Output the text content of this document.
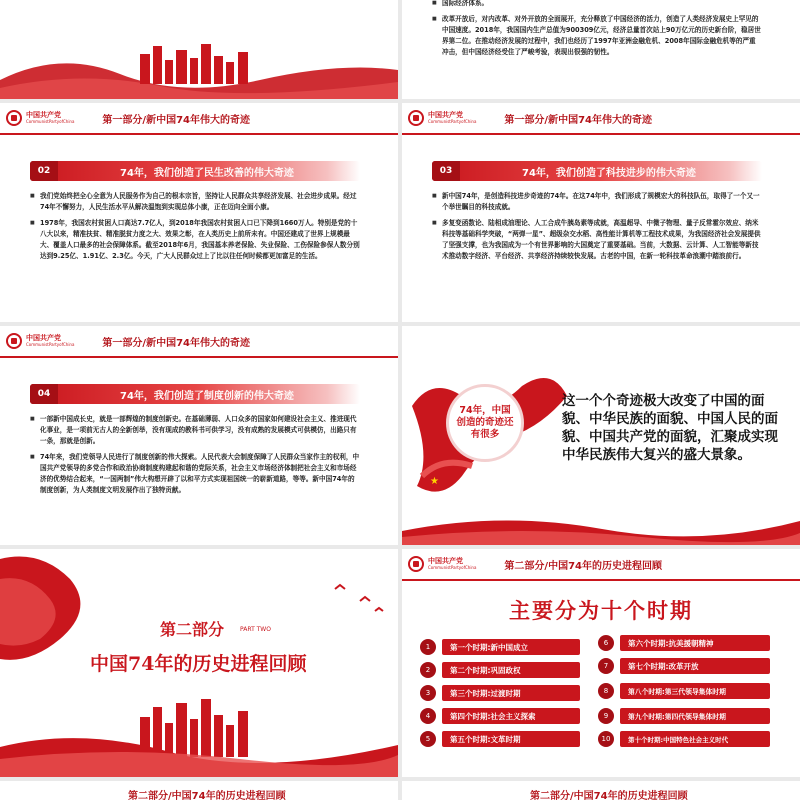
■ 国际经济体系。

■ 改革开放后，对内改革、对外开放的全面展开，充分释放了中国经济的活力，创造了人类经济发展史上罕见的中国速度。2018年，我国国内生产总值为900309亿元，经济总量首次站上90万亿元的历史新台阶，稳居世界第二位。在推动经济发展的过程中，我们也经历了1997年亚洲金融危机、2008年国际金融危机等的严重冲击，但中国经济经受住了严峻考验，表现出很强的韧性。

中国共产党
CommunistPartyofChina	第一部分/新中国74年伟大的奇迹
02	74年，我们创造了民生改善的伟大奇迹

■ 我们党始终把全心全意为人民服务作为自己的根本宗旨，坚持让人民群众共享经济发展、社会进步成果。经过74年不懈努力，人民生活水平从解决温饱到实现总体小康，正在迈向全面小康。

■ 1978年，我国农村贫困人口高达7.7亿人，到2018年我国农村贫困人口已下降到1660万人。特别是党的十八大以来，精准扶贫、精准脱贫力度之大、效果之彰，在人类历史上前所未有。中国还建成了世界上规模最大、覆盖人口最多的社会保障体系。截至2018年6月，我国基本养老保险、失业保险、工伤保险参保人数分别达到9.25亿、1.91亿、2.3亿。今天，广大人民群众过上了比以往任何时候都更加富足的生活。

中国共产党
CommunistPartyofChina	第一部分/新中国74年伟大的奇迹
03	74年，我们创造了科技进步的伟大奇迹

■ 新中国74年，是创造科技进步奇迹的74年。在这74年中，我们形成了规模宏大的科技队伍，取得了一个又一个举世瞩目的科技成就。

■ 多复变函数论、陆相成油理论、人工合成牛胰岛素等成就，高温超导、中微子物理、量子反常霍尔效应、纳米科技等基础科学突破，“两弹一星”、超级杂交水稻、高性能计算机等工程技术成果，为我国经济社会发展提供了坚强支撑，也为我国成为一个有世界影响的大国奠定了重要基础。当前，大数据、云计算、人工智能等新技术推动数字经济、平台经济、共享经济持续较快发展。古老的中国，在新一轮科技革命浪潮中踏浪前行。

中国共产党
CommunistPartyofChina	第一部分/新中国74年伟大的奇迹
04	74年，我们创造了制度创新的伟大奇迹

■ 一部新中国成长史，就是一部辉煌的制度创新史。在基础薄弱、人口众多的国家如何建设社会主义、推进现代化事业，是一项前无古人的全新创举，没有现成的教科书可供学习，没有成熟的发展模式可供模仿，出路只有一条，那就是创新。

■ 74年来，我们党领导人民进行了制度创新的伟大探索。人民代表大会制度保障了人民群众当家作主的权利，中国共产党领导的多党合作和政治协商制度构建起和谐的党际关系，社会主义市场经济体制把社会主义和市场经济的优势结合起来，“一国两制”伟大构想开辟了以和平方式实现祖国统一的崭新道路，等等。新中国74年的制度创新，为人类制度文明发展作出了独特贡献。

★
74年，中国创造的奇迹还有很多
这一个个奇迹极大改变了中国的面貌、中华民族的面貌、中国人民的面貌、中国共产党的面貌，汇聚成实现中华民族伟大复兴的盛大景象。
第二部分	PART TWO
中国74年的历史进程回顾
中国共产党
CommunistPartyofChina	第二部分/中国74年的历史进程回顾
主要分为十个时期
1	第一个时期:新中国成立
2	第二个时期:巩固政权
3	第三个时期:过渡时期
4	第四个时期:社会主义探索
5	第五个时期:文革时期
6	第六个时期:抗美援朝精神
7	第七个时期:改革开放
8	第八个时期:第三代领导集体时期
9	第九个时期:第四代领导集体时期
10	第十个时期:中国特色社会主义时代
第二部分/中国74年的历史进程回顾	第二部分/中国74年的历史进程回顾
